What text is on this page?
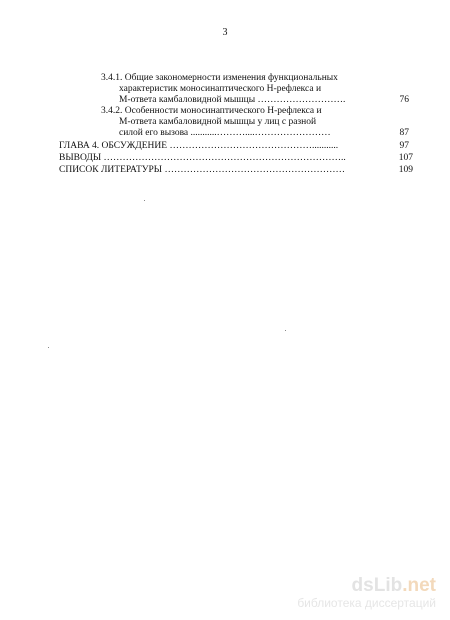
3
3.4.1. Общие закономерности изменения функциональных
характеристик моносинаптического Н-рефлекса и
М-ответа камбаловидной мышцы ……………………….	76
3.4.2. Особенности моносинаптического Н-рефлекса и
М-ответа камбаловидной мышцы у лиц с разной
силой его вызова ...........………....……………………	87
ГЛАВА 4. ОБСУЖДЕНИЕ ………………………………………...........	97
ВЫВОДЫ …………………………………………………………………..	107
СПИСОК ЛИТЕРАТУРЫ …………………………………………………	109
dsLib.net
библиотека диссертаций
